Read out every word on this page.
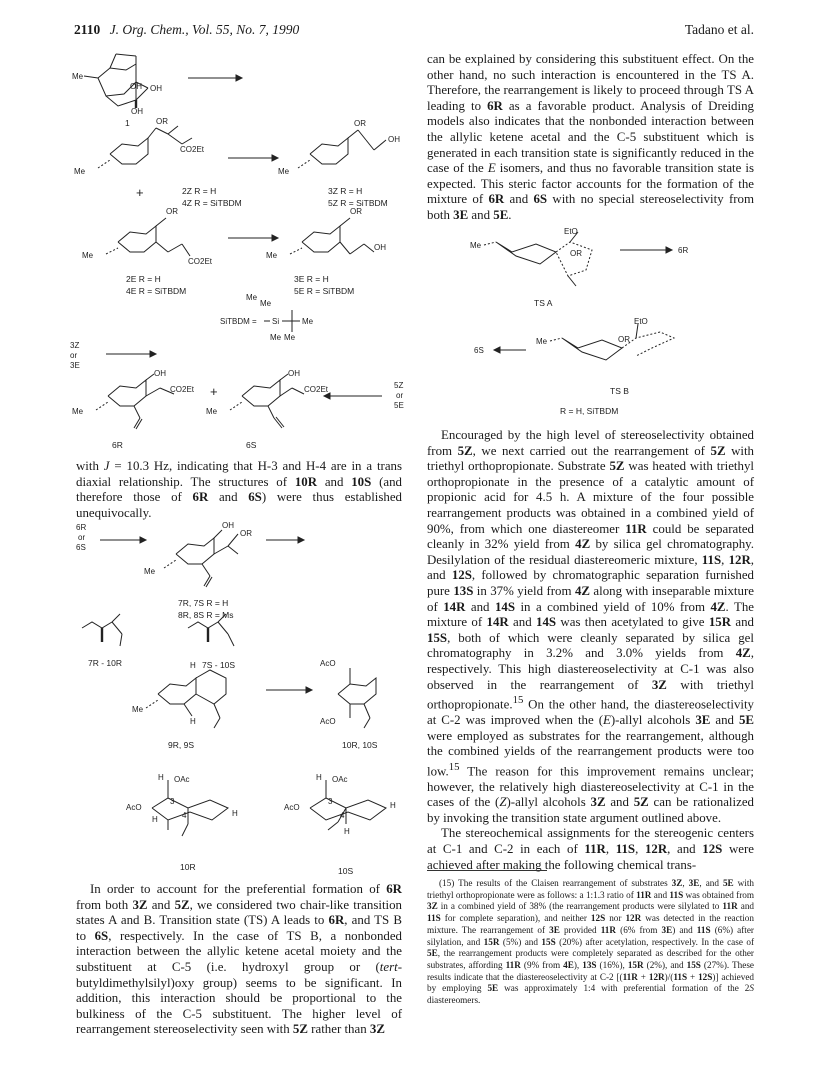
2110 J. Org. Chem., Vol. 55, No. 7, 1990	Tadano et al.
Me
OH
OH
OH
1
Me
OR
CO2Et
2Z R = H
4Z R = SiTBDM
+
Me
OR
OH
3Z R = H
5Z R = SiTBDM
Me
OR
CO2Et
2E R = H
4E R = SiTBDM
Me
OR
OH
3E R = H
5E R = SiTBDM
SiTBDM = Si
Me
Me
Me
Me Me
3Z
or
3E
Me
OH
CO2Et
6R
+
Me
OH
CO2Et
6S
5Z
or
5E

with J = 10.3 Hz, indicating that H-3 and H-4 are in a trans diaxial relationship. The structures of 10R and 10S (and therefore those of 6R and 6S) were thus established unequivocally.

6R
or
6S
Me
OH
OR
7R, 7S R = H
8R, 8S R = Ms
7R - 10R	7S - 10S
H
H
Me
9R, 9S
AcO
AcO
10R, 10S
H OAc
AcO
3
4
H
H
10R
H OAc
AcO
3
4
H
H
10S

In order to account for the preferential formation of 6R from both 3Z and 5Z, we considered two chair-like transition states A and B. Transition state (TS) A leads to 6R, and TS B to 6S, respectively. In the case of TS B, a nonbonded interaction between the allylic ketene acetal moiety and the substituent at C-5 (i.e. hydroxyl group or (tert-butyldimethylsilyl)oxy group) seems to be significant. In addition, this interaction should be proportional to the bulkiness of the C-5 substituent. The higher level of rearrangement stereoselectivity seen with 5Z rather than 3Z

can be explained by considering this substituent effect. On the other hand, no such interaction is encountered in the TS A. Therefore, the rearrangement is likely to proceed through TS A leading to 6R as a favorable product. Analysis of Dreiding models also indicates that the nonbonded interaction between the allylic ketene acetal and the C-5 substituent which is generated in each transition state is significantly reduced in the case of the E isomers, and thus no favorable transition state is expected. This steric factor accounts for the formation of the mixture of 6R and 6S with no special stereoselectivity from both 3E and 5E.

Me
EtO
OR	6R
TS A
Me
EtO
OR
6S
TS B
R = H, SiTBDM

Encouraged by the high level of stereoselectivity obtained from 5Z, we next carried out the rearrangement of 5Z with triethyl orthopropionate. Substrate 5Z was heated with triethyl orthopropionate in the presence of a catalytic amount of propionic acid for 4.5 h. A mixture of the four possible rearrangement products was obtained in a combined yield of 90%, from which one diastereomer 11R could be separated cleanly in 32% yield from 4Z by silica gel chromatography. Desilylation of the residual diastereomeric mixture, 11S, 12R, and 12S, followed by chromatographic separation furnished pure 13S in 37% yield from 4Z along with inseparable mixture of 14R and 14S in a combined yield of 10% from 4Z. The mixture of 14R and 14S was then acetylated to give 15R and 15S, both of which were cleanly separated by silica gel chromatography in 3.2% and 3.0% yields from 4Z, respectively. This high diastereoselectivity at C-1 was also observed in the rearrangement of 3Z with triethyl orthopropionate.$^{15}$ On the other hand, the diastereoselectivity at C-2 was improved when the (E)-allyl alcohols 3E and 5E were employed as substrates for the rearrangement, although the combined yields of the rearrangement products were too low.$^{15}$ The reason for this improvement remains unclear; however, the relatively high diastereoselectivity at C-1 in the cases of the (Z)-allyl alcohols 3Z and 5Z can be rationalized by invoking the transition state argument outlined above.

The stereochemical assignments for the stereogenic centers at C-1 and C-2 in each of 11R, 11S, 12R, and 12S were achieved after making the following chemical trans-

(15) The results of the Claisen rearrangement of substrates 3Z, 3E, and 5E with triethyl orthopropionate were as follows: a 1:1.3 ratio of 11R and 11S was obtained from 3Z in a combined yield of 38% (the rearrangement products were silylated to 11R and 11S for complete separation), and neither 12S nor 12R was detected in the reaction mixture. The rearrangement of 3E provided 11R (6% from 3E) and 11S (6%) after silylation, and 15R (5%) and 15S (20%) after acetylation, respectively. In the case of 5E, the rearrangement products were completely separated as described for the other substrates, affording 11R (9% from 4E), 13S (16%), 15R (2%), and 15S (27%). These results indicate that the diastereoselectivity at C-2 [(11R + 12R)/(11S + 12S)] achieved by employing 5E was approximately 1:4 with preferential formation of the 2S diastereomers.
